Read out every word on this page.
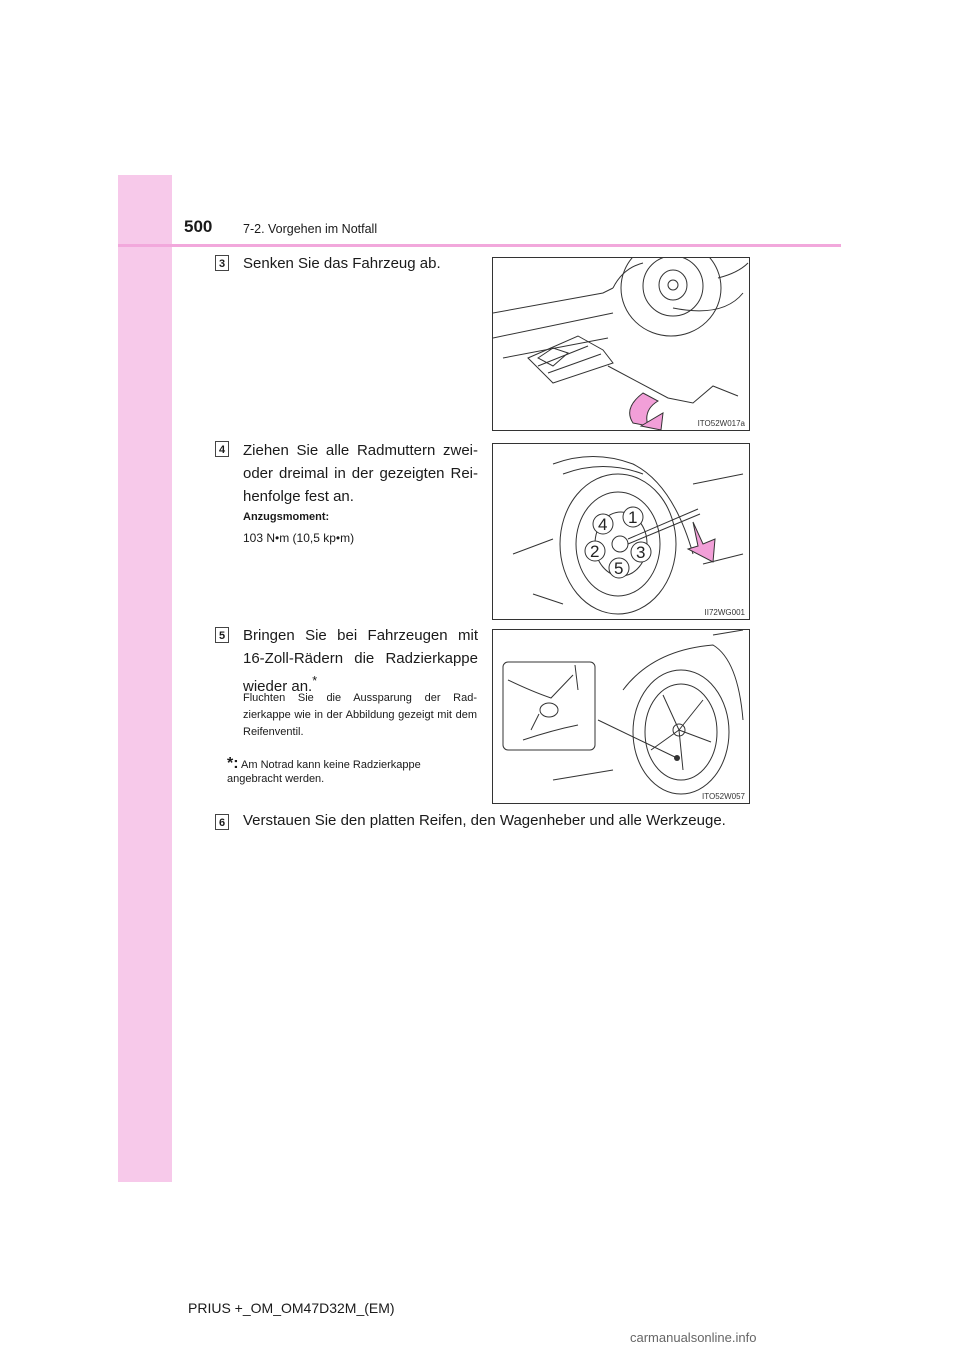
500 7-2. Vorgehen im Notfall
3 Senken Sie das Fahrzeug ab.
ITO52W017a
4 Ziehen Sie alle Radmuttern zwei- oder dreimal in der gezeigten Rei- henfolge fest an.
Anzugsmoment:
103 N•m (10,5 kp•m)
1
2 3
4
5
II72WG001
5 Bringen Sie bei Fahrzeugen mit 16-Zoll-Rädern die Radzierkappe wieder an.*
Fluchten Sie die Aussparung der Rad- zierkappe wie in der Abbildung gezeigt mit dem Reifenventil.
*: Am Notrad kann keine Radzierkappe angebracht werden.
ITO52W057
6 Verstauen Sie den platten Reifen, den Wagenheber und alle Werkzeuge.
PRIUS +_OM_OM47D32M_(EM)
carmanualsonline.info
